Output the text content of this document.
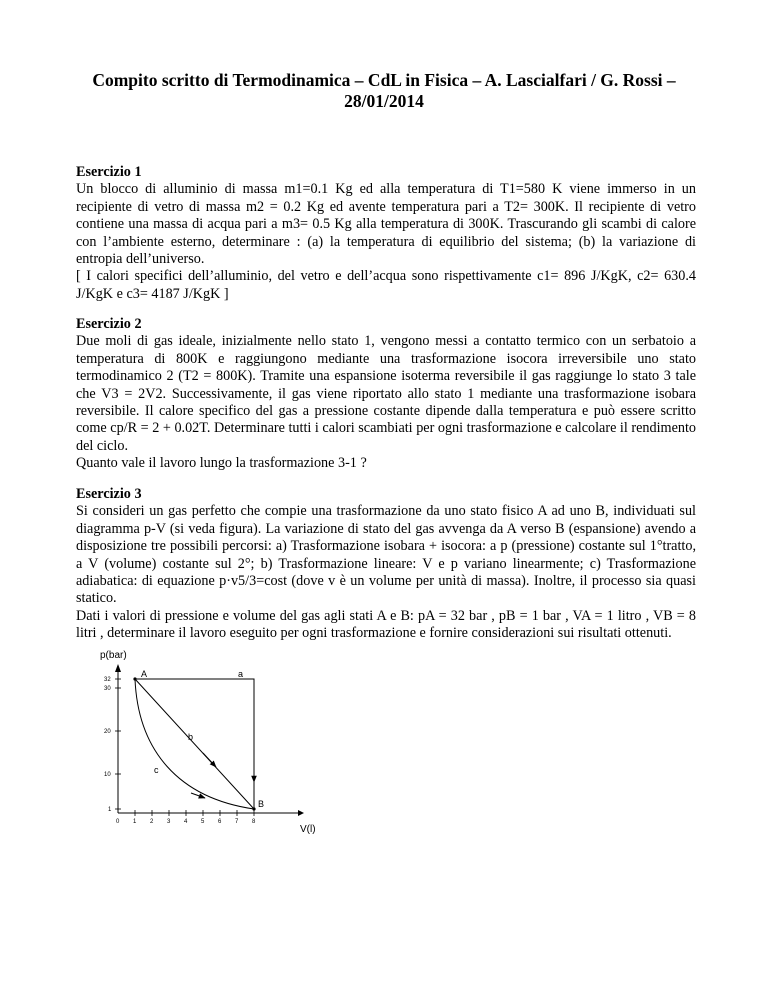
Compito scritto di Termodinamica – CdL in Fisica – A. Lascialfari / G. Rossi –
28/01/2014
Esercizio 1

Un blocco di alluminio di massa m1=0.1 Kg ed alla temperatura di T1=580 K viene immerso in un recipiente di vetro di massa m2 = 0.2 Kg ed avente temperatura pari a T2= 300K. Il recipiente di vetro contiene una massa di acqua pari a m3= 0.5 Kg alla temperatura di 300K. Trascurando gli scambi di calore con l’ambiente esterno, determinare : (a) la temperatura di equilibrio del sistema; (b) la variazione di entropia dell’universo.

[ I calori specifici dell’alluminio, del vetro e dell’acqua sono rispettivamente c1= 896 J/KgK, c2= 630.4 J/KgK e c3= 4187 J/KgK ]

Esercizio 2

Due moli di gas ideale, inizialmente nello stato 1, vengono messi a contatto termico con un serbatoio a temperatura di 800K e raggiungono mediante una trasformazione isocora irreversibile uno stato termodinamico 2 (T2 = 800K). Tramite una espansione isoterma reversibile il gas raggiunge lo stato 3 tale che V3 = 2V2. Successivamente, il gas viene riportato allo stato 1 mediante una trasformazione isobara reversibile. Il calore specifico del gas a pressione costante dipende dalla temperatura e può essere scritto come cp/R = 2 + 0.02T. Determinare tutti i calori scambiati per ogni trasformazione e calcolare il rendimento del ciclo.

Quanto vale il lavoro lungo la trasformazione 3-1 ?

Esercizio 3

Si consideri un gas perfetto che compie una trasformazione da uno stato fisico A ad uno B, individuati sul diagramma p-V (si veda figura). La variazione di stato del gas avvenga da A verso B (espansione) avendo a disposizione tre possibili percorsi: a) Trasformazione isobara + isocora: a p (pressione) costante sul 1°tratto, a V (volume) costante sul 2°; b) Trasformazione lineare: V e p variano linearmente; c) Trasformazione adiabatica: di equazione p·v5/3=cost (dove v è un volume per unità di massa). Inoltre, il processo sia quasi statico.

Dati i valori di pressione e volume del gas agli stati A e B: pA = 32 bar , pB = 1 bar , VA = 1 litro , VB = 8 litri , determinare il lavoro eseguito per ogni trasformazione e fornire considerazioni sui risultati ottenuti.

p(bar)
V(l)
32
30
20
10
1
0 1 2 3 4 5 6 7 8
A
B
a
b
c
